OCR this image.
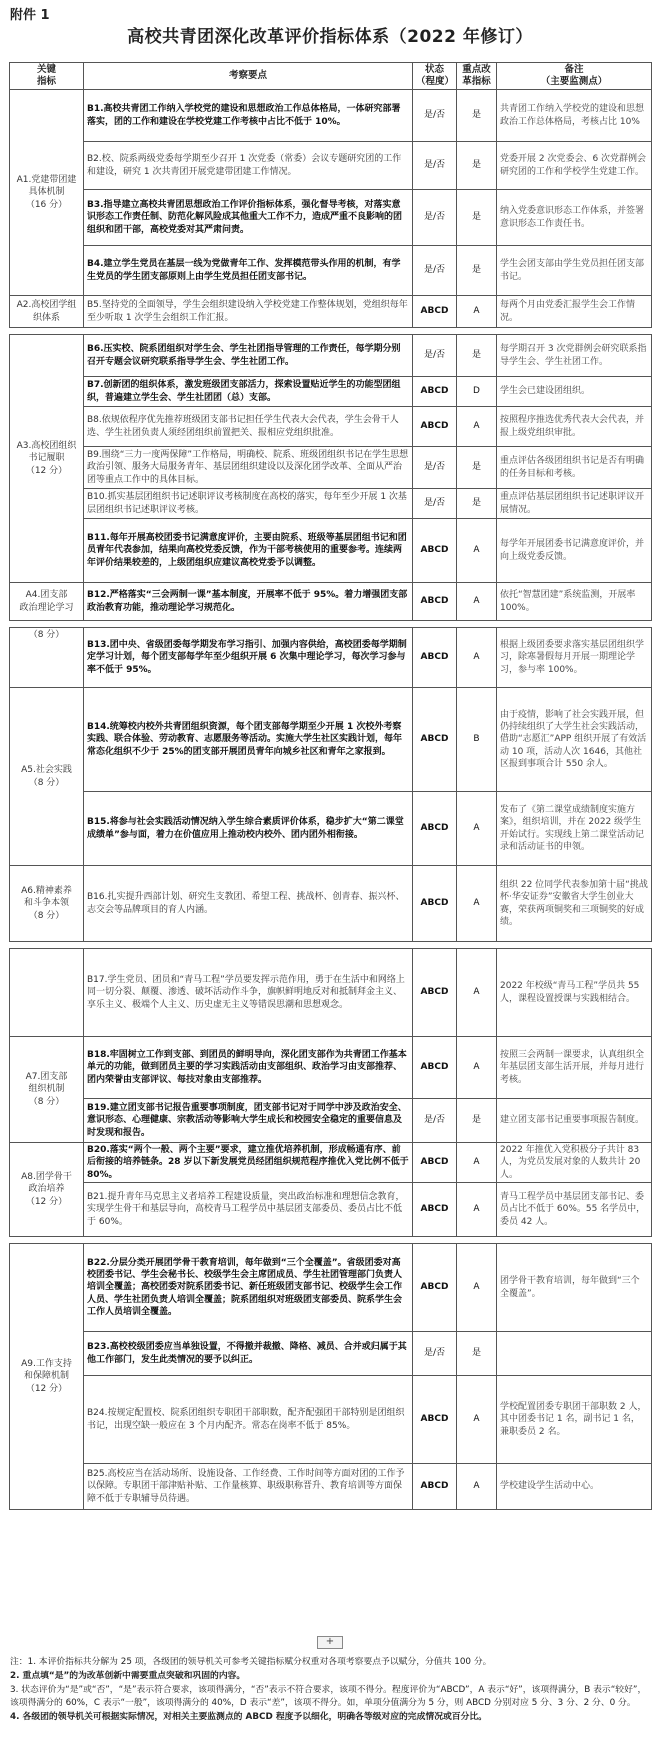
附件 1
高校共青团深化改革评价指标体系（2022 年修订）
关键
指标	考察要点	状态
（程度）	重点改
革指标	备注
（主要监测点）
A1.党建带团建
具体机制
（16 分）	B1.高校共青团工作纳入学校党的建设和思想政治工作总体格局，一体研究部署落实，团的工作和建设在学校党建工作考核中占比不低于 10%。	是/否	是	共青团工作纳入学校党的建设和思想政治工作总体格局，考核占比 10%
	B2.校、院系两级党委每学期至少召开 1 次党委（常委）会议专题研究团的工作和建设，研究 1 次共青团开展党建带团建工作情况。	是/否	是	党委开展 2 次党委会、6 次党群例会研究团的工作和学校学生党建工作。
	B3.指导建立高校共青团思想政治工作评价指标体系，强化督导考核，对落实意识形态工作责任制、防范化解风险成其他重大工作不力，造成严重不良影响的团组织和团干部，高校党委对其严肃问责。	是/否	是	纳入党委意识形态工作体系，并签署意识形态工作责任书。
	B4.建立学生党员在基层一线为党做青年工作、发挥模范带头作用的机制，有学生党员的学生团支部原则上由学生党员担任团支部书记。	是/否	是	学生会团支部由学生党员担任团支部书记。
A2.高校团学组
织体系	B5.坚持党的全面领导，学生会组织建设纳入学校党建工作整体规划，党组织每年至少听取 1 次学生会组织工作汇报。	ABCD	A	每两个月由党委汇报学生会工作情况。

A3.高校团组织
书记履职
（12 分）	B6.压实校、院系团组织对学生会、学生社团指导管理的工作责任，每学期分别召开专题会议研究联系指导学生会、学生社团工作。	是/否	是	每学期召开 3 次党群例会研究联系指导学生会、学生社团工作。
	B7.创新团的组织体系，激发班级团支部活力，探索设置贴近学生的功能型团组织，普遍建立学生会、学生社团团（总）支部。	ABCD	D	学生会已建设团组织。
	B8.依规依程序优先推荐班级团支部书记担任学生代表大会代表，学生会骨干人选、学生社团负责人须经团组织前置把关、报相应党组织批准。	ABCD	A	按照程序推选优秀代表大会代表，并报上级党组织审批。
	B9.围绕“三力一度两保障”工作格局，明确校、院系、班级团组织书记在学生思想政治引领、服务大局服务青年、基层团组织建设以及深化团学改革、全面从严治团等重点工作中的具体目标。	是/否	是	重点评估各级团组织书记是否有明确的任务目标和考核。
	B10.抓实基层团组织书记述职评议考核制度在高校的落实，每年至少开展 1 次基层团组织书记述职评议考核。	是/否	是	重点评估基层团组织书记述职评议开展情况。
	B11.每年开展高校团委书记满意度评价，主要由院系、班级等基层团组书记和团员青年代表参加，结果向高校党委反馈，作为干部考核使用的重要参考。连续两年评价结果较差的，上级团组织应建议高校党委予以调整。	ABCD	A	每学年开展团委书记满意度评价，并向上级党委反馈。
A4.团支部
政治理论学习	B12.严格落实“三会两制一课”基本制度，开展率不低于 95%。着力增强团支部政治教育功能，推动理论学习规范化。	ABCD	A	依托“智慧团建”系统监测，开展率 100%。

（8 分）	B13.团中央、省级团委每学期发布学习指引、加强内容供给，高校团委每学期制定学习计划，每个团支部每学年至少组织开展 6 次集中理论学习，每次学习参与率不低于 95%。	ABCD	A	根据上级团委要求落实基层团组织学习，除寒暑假每月开展一期理论学习，参与率 100%。
A5.社会实践
（8 分）	B14.统筹校内校外共青团组织资源，每个团支部每学期至少开展 1 次校外考察实践、联合体验、劳动教育、志愿服务等活动。实施大学生社区实践计划，每年常态化组织不少于 25%的团支部开展团员青年向城乡社区和青年之家报到。	ABCD	B	由于疫情，影响了社会实践开展，但仍持续组织了大学生社会实践活动，借助“志愿汇”APP 组织开展了有效活动 10 项，活动人次 1646，其他社区报到事项合计 550 余人。
	B15.将参与社会实践活动情况纳入学生综合素质评价体系，稳步扩大“第二课堂成绩单”参与面，着力在价值应用上推动校内校外、团内团外相衔接。	ABCD	A	发布了《第二课堂成绩制度实施方案》，组织培训，并在 2022 级学生开始试行。实现线上第二课堂活动记录和活动证书的申领。
A6.精神素养
和斗争本领
（8 分）	B16.扎实提升西部计划、研究生支教团、希望工程、挑战杯、创青春、振兴杯、志交会等品牌项目的育人内涵。	ABCD	A	组织 22 位同学代表参加第十届“挑战杯·华安证券”安徽省大学生创业大赛，荣获两项铜奖和三项铜奖的好成绩。

	B17.学生党员、团员和“青马工程”学员要发挥示范作用，勇于在生活中和网络上同一切分裂、颠覆、渗透、破坏活动作斗争，旗帜鲜明地反对和抵制拜金主义、享乐主义、极端个人主义、历史虚无主义等错误思潮和思想观念。	ABCD	A	2022 年校级“青马工程”学员共 55 人，课程设置授课与实践相结合。
A7.团支部
组织机制
（8 分）	B18.牢固树立工作到支部、到团员的鲜明导向，深化团支部作为共青团工作基本单元的功能，做到团员主要的学习实践活动由支部组织、政治学习由支部推荐、团内荣誉由支部评议、每技对象由支部推荐。	ABCD	A	按照三会两制一课要求，认真组织全年基层团支部生活开展，并每月进行考核。
	B19.建立团支部书记报告重要事项制度，团支部书记对于同学中涉及政治安全、意识形态、心理健康、宗教活动等影响大学生成长和校园安全稳定的重要信息及时发现和报告。	是/否	是	建立团支部书记重要事项报告制度。
A8.团学骨干
政治培养
（12 分）	B20.落实“两个一般、两个主要”要求，建立推优培养机制，形成畅通有序、前后衔接的培养链条。28 岁以下新发展党员经团组织规范程序推优入党比例不低于 80%。	ABCD	A	2022 年推优入党积极分子共计 83 人，为党员发展对象的人数共计 20 人。
	B21.提升青年马克思主义者培养工程建设质量，突出政治标准和理想信念教育，实现学生骨干和基层导向，高校青马工程学员中基层团支部委员、委员占比不低于 60%。	ABCD	A	青马工程学员中基层团支部书记、委员占比不低于 60%。55 名学员中，委员 42 人。

A9.工作支持
和保障机制
（12 分）	B22.分层分类开展团学骨干教育培训，每年做到“三个全覆盖”。省级团委对高校团委书记、学生会秘书长、校级学生会主席团成员、学生社团管理部门负责人培训全覆盖；高校团委对院系团委书记、新任班级团支部书记、校级学生会工作人员、学生社团负责人培训全覆盖；院系团组织对班级团支部委员、院系学生会工作人员培训全覆盖。	ABCD	A	团学骨干教育培训，每年做到“三个全覆盖”。
	B23.高校校级团委应当单独设置，不得撤并裁撤、降格、减员、合并或归属于其他工作部门，发生此类情况的要予以纠正。	是/否	是	
	B24.按规定配置校、院系团组织专职团干部职数，配齐配强团干部特别是团组织书记，出现空缺一般应在 3 个月内配齐。常态在岗率不低于 85%。	ABCD	A	学校配置团委专职团干部职数 2 人，其中团委书记 1 名，副书记 1 名，兼职委员 2 名。
	B25.高校应当在活动场所、设施设备、工作经费、工作时间等方面对团的工作予以保障。专职团干部津贴补贴、工作量核算、职级职称晋升、教育培训等方面保障不低于专职辅导员待遇。	ABCD	A	学校建设学生活动中心。
+
注：1. 本评价指标共分解为 25 项，各级团的领导机关可参考关键指标赋分权重对各项考察要点予以赋分，分值共 100 分。
2. 重点填“是”的为改革创新中需要重点突破和巩固的内容。
3. 状态评价为“是”或“否”，“是”表示符合要求，该项得满分，“否”表示不符合要求，该项不得分。程度评价为“ABCD”，A 表示“好”，该项得满分，B 表示“较好”，该项得满分的 60%，C 表示“一般”，该项得满分的 40%，D 表示“差”，该项不得分。如，单项分值满分为 5 分，则 ABCD 分别对应 5 分、3 分、2 分、0 分。
4. 各级团的领导机关可根据实际情况，对相关主要监测点的 ABCD 程度予以细化，明确各等级对应的完成情况或百分比。
